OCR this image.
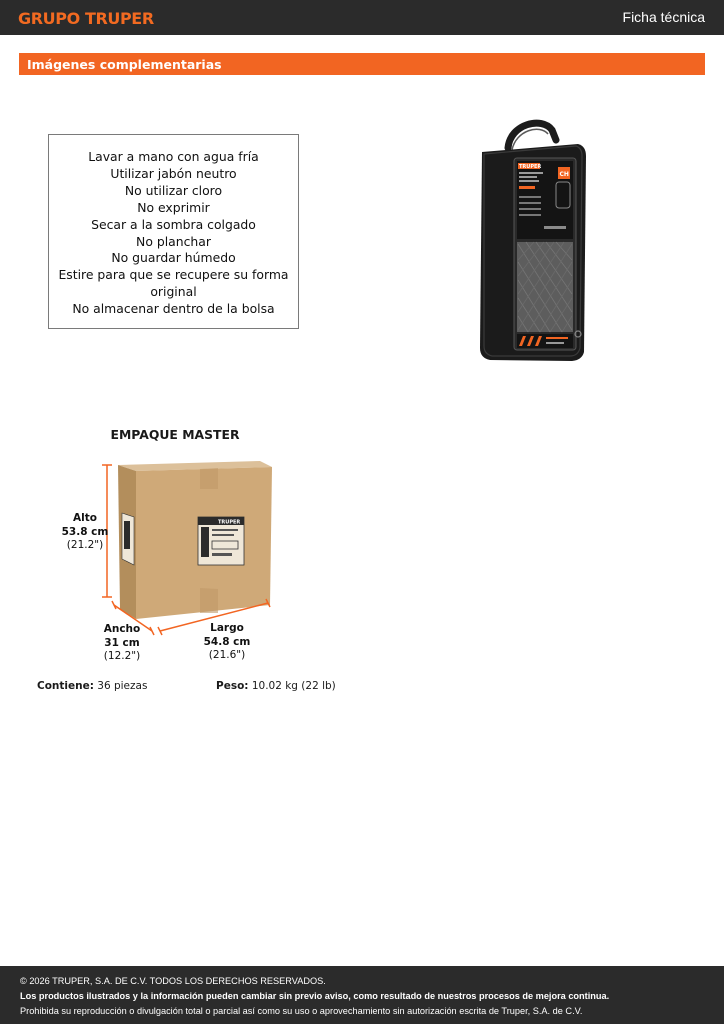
GRUPO TRUPER	Ficha técnica
Imágenes complementarias
Lavar a mano con agua fría
Utilizar jabón neutro
No utilizar cloro
No exprimir
Secar a la sombra colgado
No planchar
No guardar húmedo
Estire para que se recupere su forma
original
No almacenar dentro de la bolsa
TRUPER
CH
EMPAQUE MASTER
TRUPER
Alto
53.8 cm
(21.2")
Ancho
31 cm
(12.2")
Largo
54.8 cm
(21.6")
Contiene: 36 piezas	Peso: 10.02 kg (22 lb)
© 2026 TRUPER, S.A. DE C.V. TODOS LOS DERECHOS RESERVADOS.
Los productos ilustrados y la información pueden cambiar sin previo aviso, como resultado de nuestros procesos de mejora continua.
Prohibida su reproducción o divulgación total o parcial así como su uso o aprovechamiento sin autorización escrita de Truper, S.A. de C.V.
